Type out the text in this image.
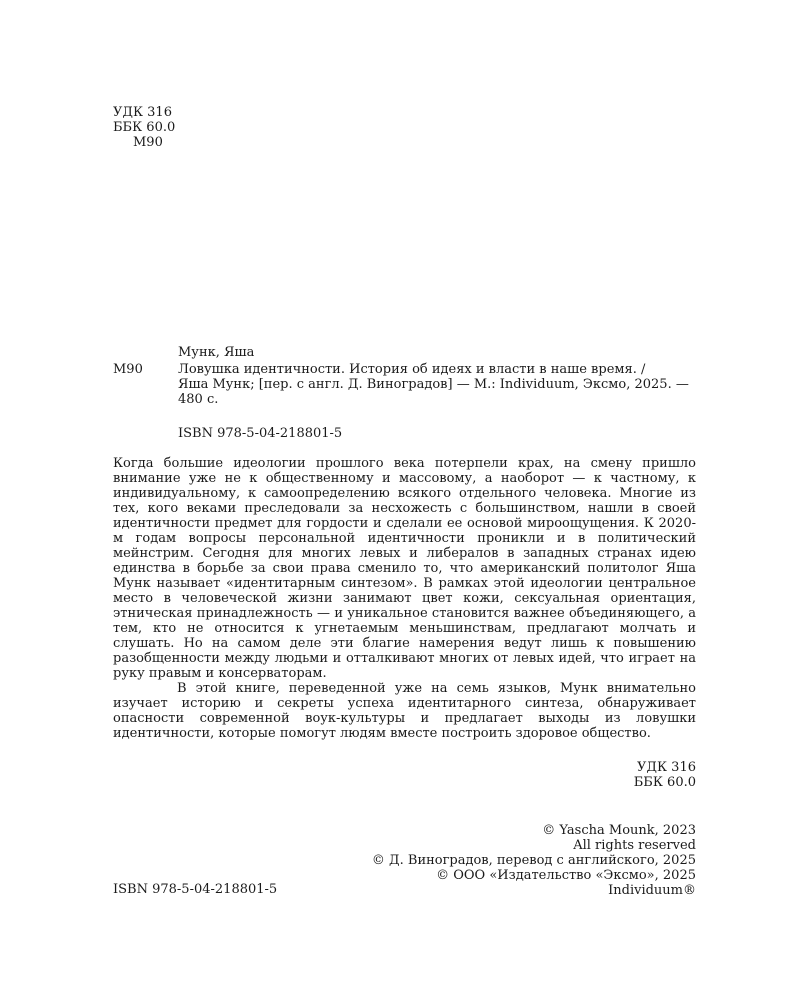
УДК 316
ББК 60.0
М90
Мунк, Яша
М90	Ловушка идентичности. История об идеях и власти в наше время. /
Яша Мунк; [пер. с англ. Д. Виноградов] — М.: Individuum, Эксмо, 2025. —
480 с.
ISBN 978-5-04-218801-5

Когда большие идеологии прошлого века потерпели крах, на смену пришло внимание уже не к общественному и массовому, а наоборот — к частному, к индивидуальному, к самоопределению всякого отдельного человека. Многие из тех, кого веками преследовали за несхожесть с большинством, нашли в своей идентичности предмет для гордости и сделали ее основой мироощущения. К 2020-м годам вопросы персональной идентичности проникли и в политический мейнстрим. Сегодня для многих левых и либералов в западных странах идею единства в борьбе за свои права сменило то, что американский политолог Яша Мунк называет «идентитарным синтезом». В рамках этой идеологии центральное место в человеческой жизни занимают цвет кожи, сексуальная ориентация, этническая принадлежность — и уникальное становится важнее объединяющего, а тем, кто не относится к угнетаемым меньшинствам, предлагают молчать и слушать. Но на самом деле эти благие намерения ведут лишь к повышению разобщенности между людьми и отталкивают многих от левых идей, что играет на руку правым и консерваторам.

В этой книге, переведенной уже на семь языков, Мунк внимательно изучает историю и секреты успеха идентитарного синтеза, обнаруживает опасности современной воук-культуры и предлагает выходы из ловушки идентичности, которые помогут людям вместе построить здоровое общество.

УДК 316
ББК 60.0
© Yascha Mounk, 2023
All rights reserved
© Д. Виноградов, перевод с английского, 2025
© ООО «Издательство «Эксмо», 2025
Individuum®
ISBN 978-5-04-218801-5
